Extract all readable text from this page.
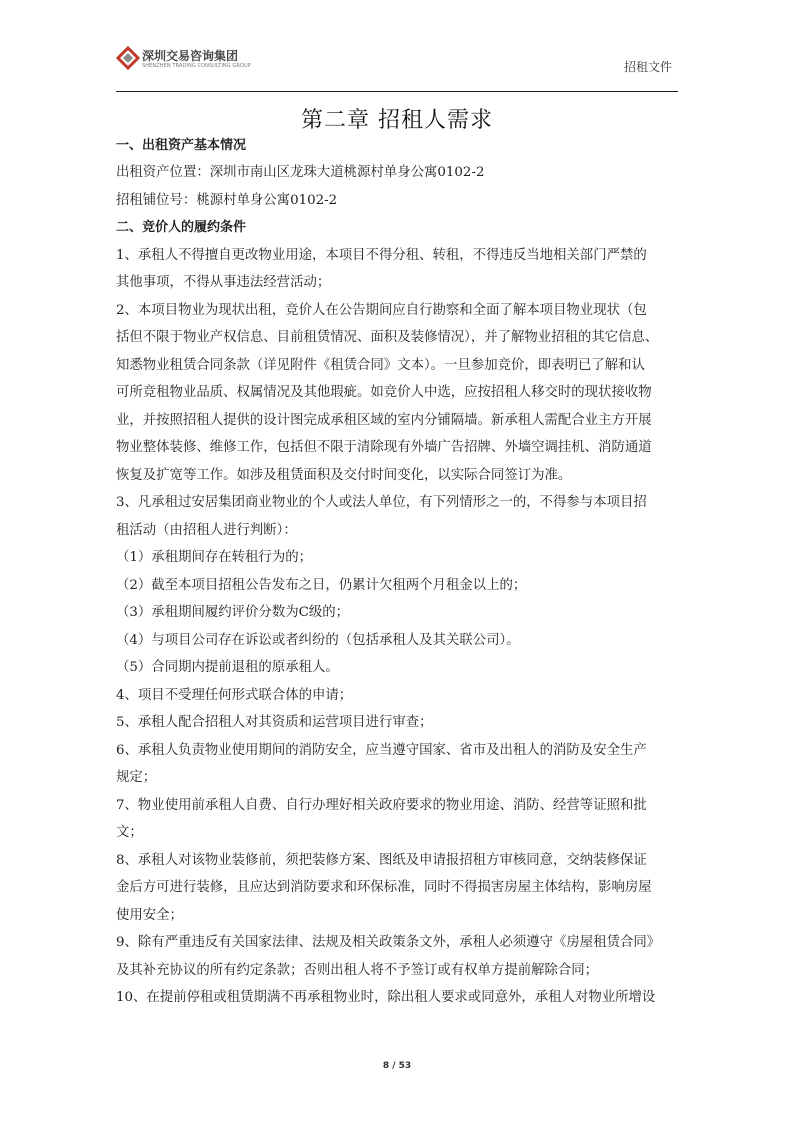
深圳交易咨询集团
SHENZHEN TRADING CONSULTING GROUP	招租文件
第二章 招租人需求
一、出租资产基本情况
出租资产位置：深圳市南山区龙珠大道桃源村单身公寓0102-2
招租铺位号：桃源村单身公寓0102-2
二、竞价人的履约条件
1、承租人不得擅自更改物业用途，本项目不得分租、转租，不得违反当地相关部门严禁的
其他事项，不得从事违法经营活动；
2、本项目物业为现状出租，竞价人在公告期间应自行勘察和全面了解本项目物业现状（包
括但不限于物业产权信息、目前租赁情况、面积及装修情况），并了解物业招租的其它信息、
知悉物业租赁合同条款（详见附件《租赁合同》文本）。一旦参加竞价，即表明已了解和认
可所竞租物业品质、权属情况及其他瑕疵。如竞价人中选，应按招租人移交时的现状接收物
业，并按照招租人提供的设计图完成承租区域的室内分铺隔墙。新承租人需配合业主方开展
物业整体装修、维修工作，包括但不限于清除现有外墙广告招牌、外墙空调挂机、消防通道
恢复及扩宽等工作。如涉及租赁面积及交付时间变化，以实际合同签订为准。
3、凡承租过安居集团商业物业的个人或法人单位，有下列情形之一的，不得参与本项目招
租活动（由招租人进行判断）：
（1）承租期间存在转租行为的；
（2）截至本项目招租公告发布之日，仍累计欠租两个月租金以上的；
（3）承租期间履约评价分数为C级的；
（4）与项目公司存在诉讼或者纠纷的（包括承租人及其关联公司）。
（5）合同期内提前退租的原承租人。
4、项目不受理任何形式联合体的申请；
5、承租人配合招租人对其资质和运营项目进行审查；
6、承租人负责物业使用期间的消防安全，应当遵守国家、省市及出租人的消防及安全生产
规定；
7、物业使用前承租人自费、自行办理好相关政府要求的物业用途、消防、经营等证照和批
文；
8、承租人对该物业装修前，须把装修方案、图纸及申请报招租方审核同意，交纳装修保证
金后方可进行装修，且应达到消防要求和环保标准，同时不得损害房屋主体结构，影响房屋
使用安全；
9、除有严重违反有关国家法律、法规及相关政策条文外，承租人必须遵守《房屋租赁合同》
及其补充协议的所有约定条款；否则出租人将不予签订或有权单方提前解除合同；
10、在提前停租或租赁期满不再承租物业时，除出租人要求或同意外，承租人对物业所增设
8 / 53
